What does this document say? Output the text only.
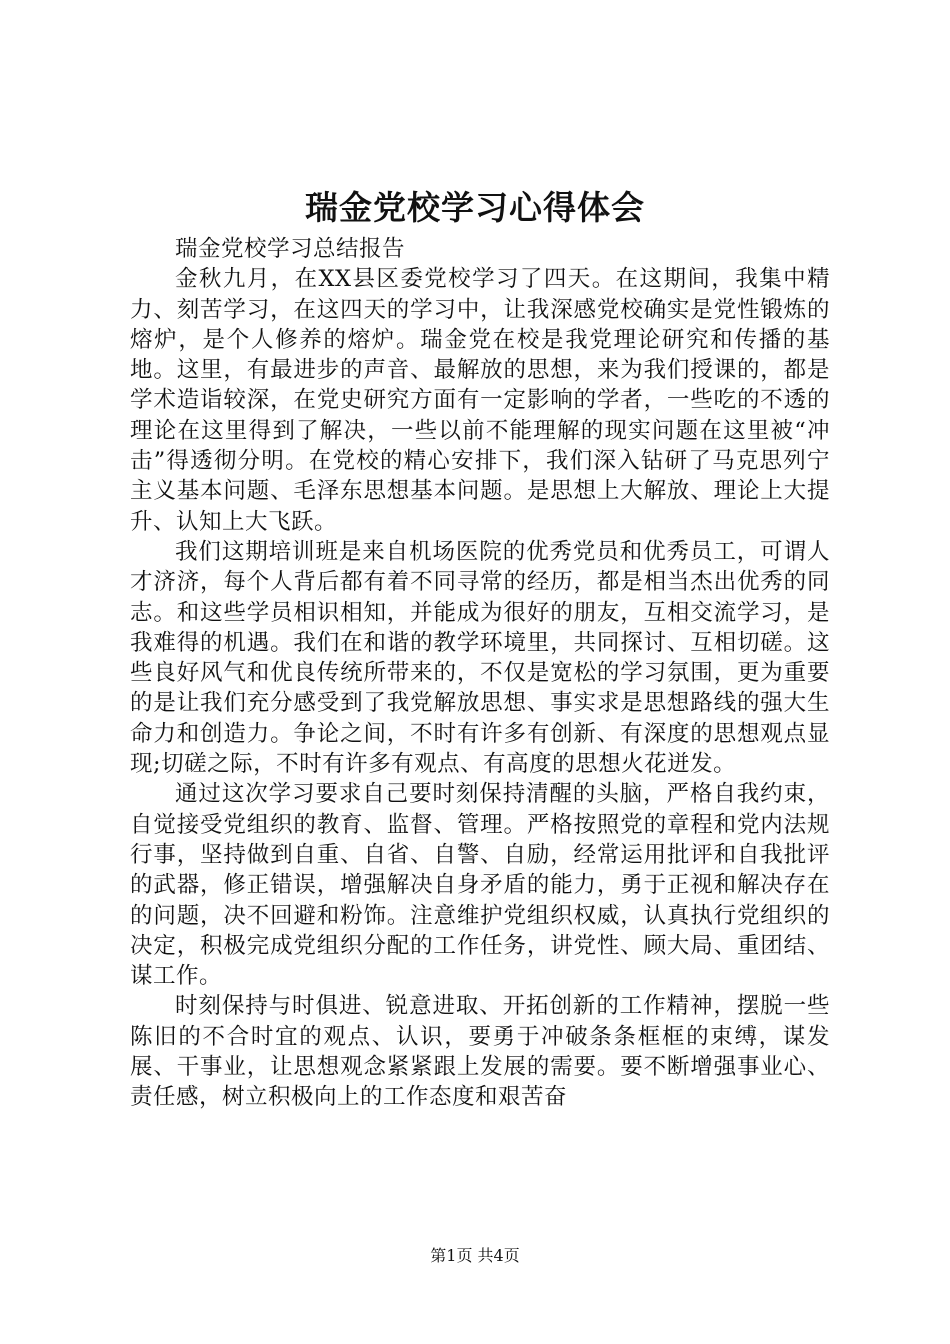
瑞金党校学习心得体会
瑞金党校学习总结报告

金秋九月，在XX县区委党校学习了四天。在这期间，我集中精力、刻苦学习，在这四天的学习中，让我深感党校确实是党性锻炼的熔炉，是个人修养的熔炉。瑞金党在校是我党理论研究和传播的基地。这里，有最进步的声音、最解放的思想，来为我们授课的，都是学术造诣较深，在党史研究方面有一定影响的学者，一些吃的不透的理论在这里得到了解决，一些以前不能理解的现实问题在这里被“冲击”得透彻分明。在党校的精心安排下，我们深入钻研了马克思列宁主义基本问题、毛泽东思想基本问题。是思想上大解放、理论上大提升、认知上大飞跃。

我们这期培训班是来自机场医院的优秀党员和优秀员工，可谓人才济济，每个人背后都有着不同寻常的经历，都是相当杰出优秀的同志。和这些学员相识相知，并能成为很好的朋友，互相交流学习，是我难得的机遇。我们在和谐的教学环境里，共同探讨、互相切磋。这些良好风气和优良传统所带来的，不仅是宽松的学习氛围，更为重要的是让我们充分感受到了我党解放思想、事实求是思想路线的强大生命力和创造力。争论之间，不时有许多有创新、有深度的思想观点显现;切磋之际，不时有许多有观点、有高度的思想火花迸发。

通过这次学习要求自己要时刻保持清醒的头脑，严格自我约束，自觉接受党组织的教育、监督、管理。严格按照党的章程和党内法规行事，坚持做到自重、自省、自警、自励，经常运用批评和自我批评的武器，修正错误，增强解决自身矛盾的能力，勇于正视和解决存在的问题，决不回避和粉饰。注意维护党组织权威，认真执行党组织的决定，积极完成党组织分配的工作任务，讲党性、顾大局、重团结、谋工作。

时刻保持与时俱进、锐意进取、开拓创新的工作精神，摆脱一些陈旧的不合时宜的观点、认识，要勇于冲破条条框框的束缚，谋发展、干事业，让思想观念紧紧跟上发展的需要。要不断增强事业心、责任感，树立积极向上的工作态度和艰苦奋

第1页 共4页
